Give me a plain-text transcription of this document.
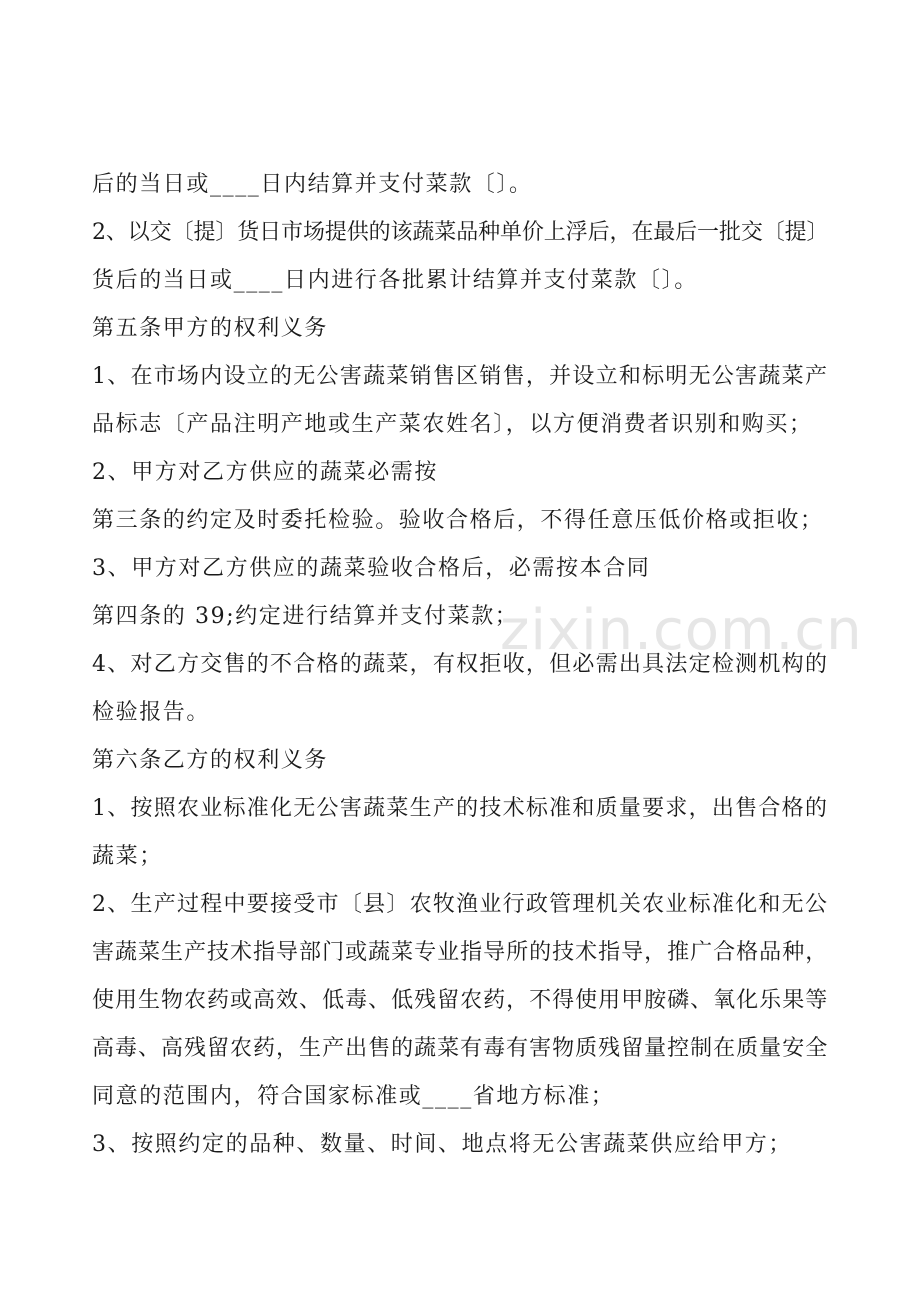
zixin.com.cn
后的当日或____日内结算并支付菜款〔〕。
2、以交〔提〕货日市场提供的该蔬菜品种单价上浮后，在最后一批交〔提〕
货后的当日或____日内进行各批累计结算并支付菜款〔〕。
第五条甲方的权利义务
1、在市场内设立的无公害蔬菜销售区销售，并设立和标明无公害蔬菜产
品标志〔产品注明产地或生产菜农姓名〕，以方便消费者识别和购买；
2、甲方对乙方供应的蔬菜必需按
第三条的约定及时委托检验。验收合格后，不得任意压低价格或拒收；
3、甲方对乙方供应的蔬菜验收合格后，必需按本合同
第四条的 39;约定进行结算并支付菜款；
4、对乙方交售的不合格的蔬菜，有权拒收，但必需出具法定检测机构的
检验报告。
第六条乙方的权利义务
1、按照农业标准化无公害蔬菜生产的技术标准和质量要求，出售合格的
蔬菜；
2、生产过程中要接受市〔县〕农牧渔业行政管理机关农业标准化和无公
害蔬菜生产技术指导部门或蔬菜专业指导所的技术指导，推广合格品种，
使用生物农药或高效、低毒、低残留农药，不得使用甲胺磷、氧化乐果等
高毒、高残留农药，生产出售的蔬菜有毒有害物质残留量控制在质量安全
同意的范围内，符合国家标准或____省地方标准；
3、按照约定的品种、数量、时间、地点将无公害蔬菜供应给甲方；
